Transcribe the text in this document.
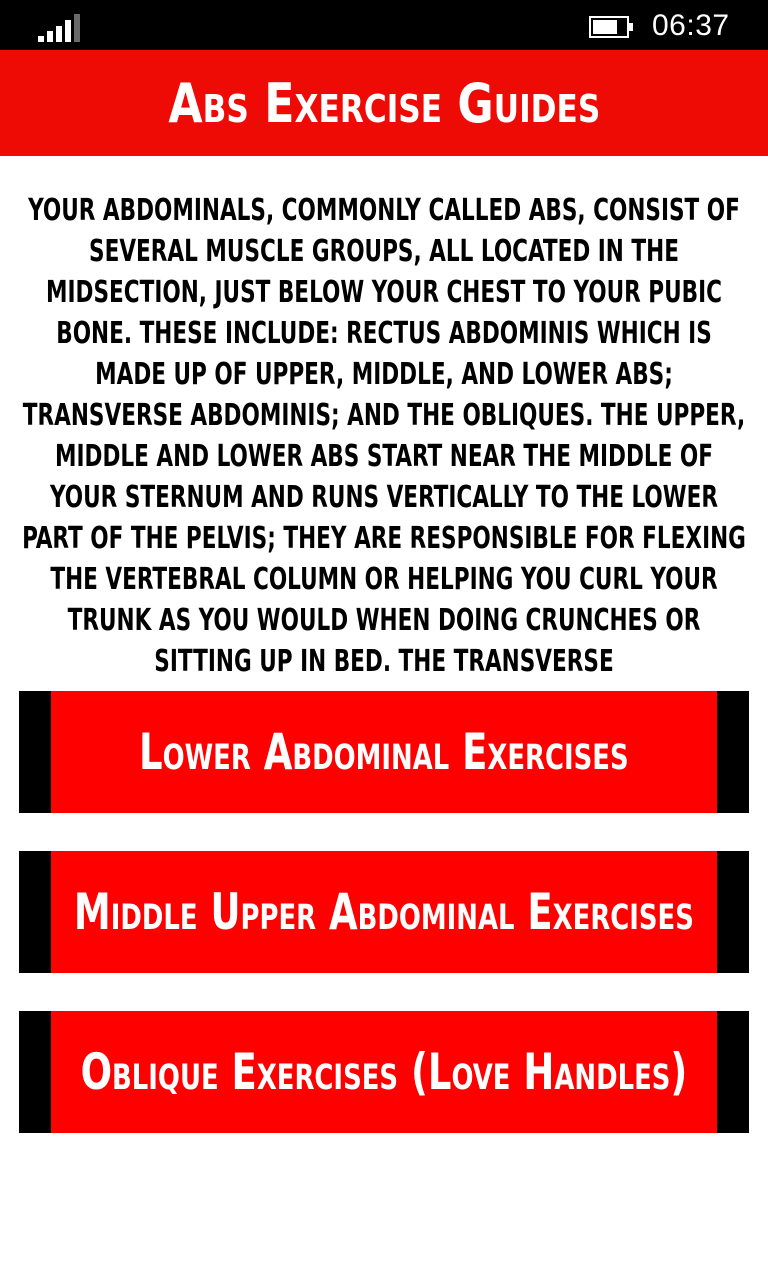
06:37
Abs Exercise Guides

YOUR ABDOMINALS, COMMONLY CALLED ABS, CONSIST OF SEVERAL MUSCLE GROUPS, ALL LOCATED IN THE MIDSECTION, JUST BELOW YOUR CHEST TO YOUR PUBIC BONE. THESE INCLUDE: RECTUS ABDOMINIS WHICH IS MADE UP OF UPPER, MIDDLE, AND LOWER ABS; TRANSVERSE ABDOMINIS; AND THE OBLIQUES. THE UPPER, MIDDLE AND LOWER ABS START NEAR THE MIDDLE OF YOUR STERNUM AND RUNS VERTICALLY TO THE LOWER PART OF THE PELVIS; THEY ARE RESPONSIBLE FOR FLEXING THE VERTEBRAL COLUMN OR HELPING YOU CURL YOUR TRUNK AS YOU WOULD WHEN DOING CRUNCHES OR SITTING UP IN BED. THE TRANSVERSE

Lower Abdominal Exercises
Middle Upper Abdominal Exercises
Oblique Exercises (Love Handles)
